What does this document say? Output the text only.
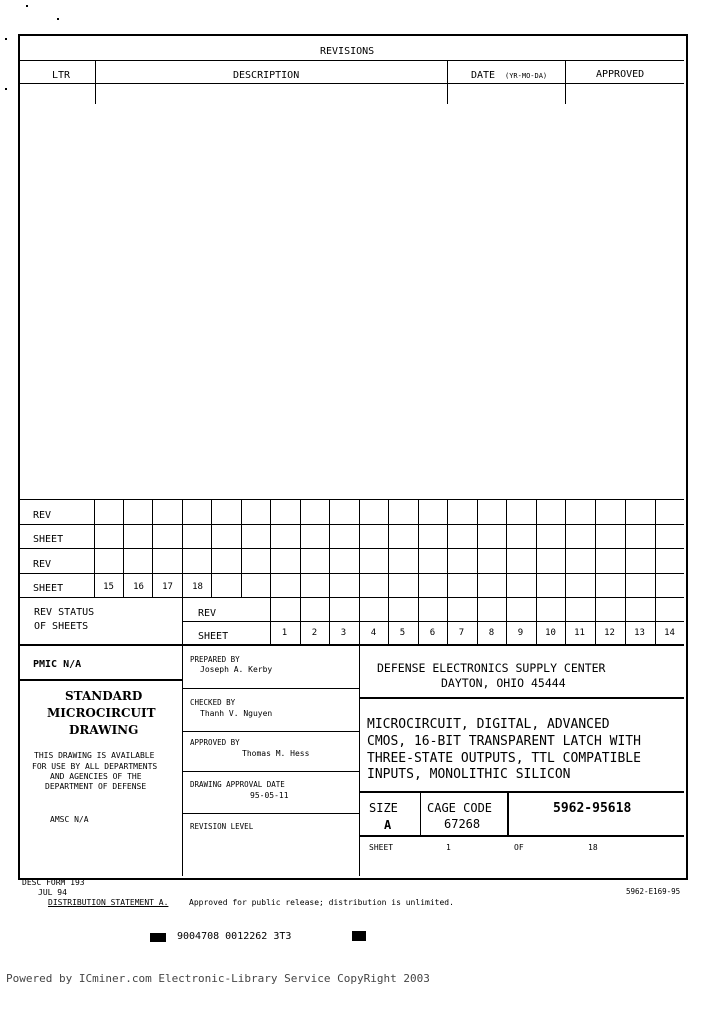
REVISIONS
LTR	DESCRIPTION	DATE (YR-MO-DA)	APPROVED
REV
SHEET
REV
SHEET	15	16	17	18
REV STATUS
OF SHEETS
REV
SHEET	1	2	3	4	5	6	7	8	9	10	11	12	13	14
PMIC N/A
STANDARD
MICROCIRCUIT
DRAWING
THIS DRAWING IS AVAILABLE
FOR USE BY ALL DEPARTMENTS
AND AGENCIES OF THE
DEPARTMENT OF DEFENSE
AMSC N/A
PREPARED BY
Joseph A. Kerby
CHECKED BY
Thanh V. Nguyen
APPROVED BY
Thomas M. Hess
DRAWING APPROVAL DATE
95-05-11
REVISION LEVEL
DEFENSE ELECTRONICS SUPPLY CENTER
DAYTON, OHIO 45444
MICROCIRCUIT, DIGITAL, ADVANCED
CMOS, 16-BIT TRANSPARENT LATCH WITH
THREE-STATE OUTPUTS, TTL COMPATIBLE
INPUTS, MONOLITHIC SILICON
SIZE
A
CAGE CODE
67268
5962-95618
SHEET	1	OF	18
DESC FORM 193
JUL 94	5962-E169-95
DISTRIBUTION STATEMENT A.	Approved for public release; distribution is unlimited.
9004708 0012262 3T3
Powered by ICminer.com Electronic-Library Service CopyRight 2003
